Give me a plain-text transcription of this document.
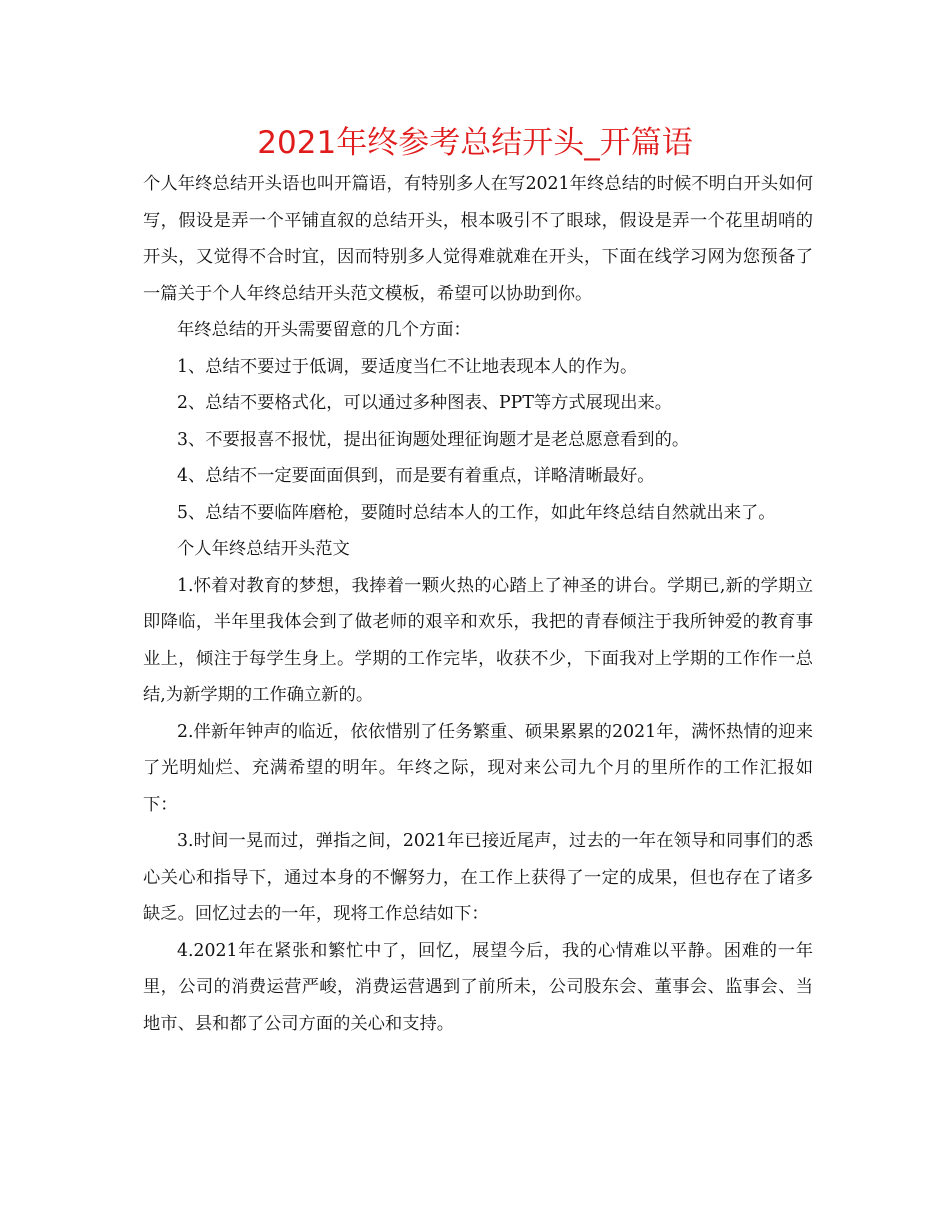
2021年终参考总结开头_开篇语

个人年终总结开头语也叫开篇语，有特别多人在写2021年终总结的时候不明白开头如何写，假设是弄一个平铺直叙的总结开头，根本吸引不了眼球，假设是弄一个花里胡哨的开头，又觉得不合时宜，因而特别多人觉得难就难在开头，下面在线学习网为您预备了一篇关于个人年终总结开头范文模板，希望可以协助到你。

年终总结的开头需要留意的几个方面：

1、总结不要过于低调，要适度当仁不让地表现本人的作为。

2、总结不要格式化，可以通过多种图表、PPT等方式展现出来。

3、不要报喜不报忧，提出征询题处理征询题才是老总愿意看到的。

4、总结不一定要面面俱到，而是要有着重点，详略清晰最好。

5、总结不要临阵磨枪，要随时总结本人的工作，如此年终总结自然就出来了。

个人年终总结开头范文

1.怀着对教育的梦想，我捧着一颗火热的心踏上了神圣的讲台。学期已,新的学期立即降临，半年里我体会到了做老师的艰辛和欢乐，我把的青春倾注于我所钟爱的教育事业上，倾注于每学生身上。学期的工作完毕，收获不少，下面我对上学期的工作作一总结,为新学期的工作确立新的。

2.伴新年钟声的临近，依依惜别了任务繁重、硕果累累的2021年，满怀热情的迎来了光明灿烂、充满希望的明年。年终之际，现对来公司九个月的里所作的工作汇报如下：

3.时间一晃而过，弹指之间，2021年已接近尾声，过去的一年在领导和同事们的悉心关心和指导下，通过本身的不懈努力，在工作上获得了一定的成果，但也存在了诸多缺乏。回忆过去的一年，现将工作总结如下：

4.2021年在紧张和繁忙中了，回忆，展望今后，我的心情难以平静。困难的一年里，公司的消费运营严峻，消费运营遇到了前所未，公司股东会、董事会、监事会、当地市、县和都了公司方面的关心和支持。
